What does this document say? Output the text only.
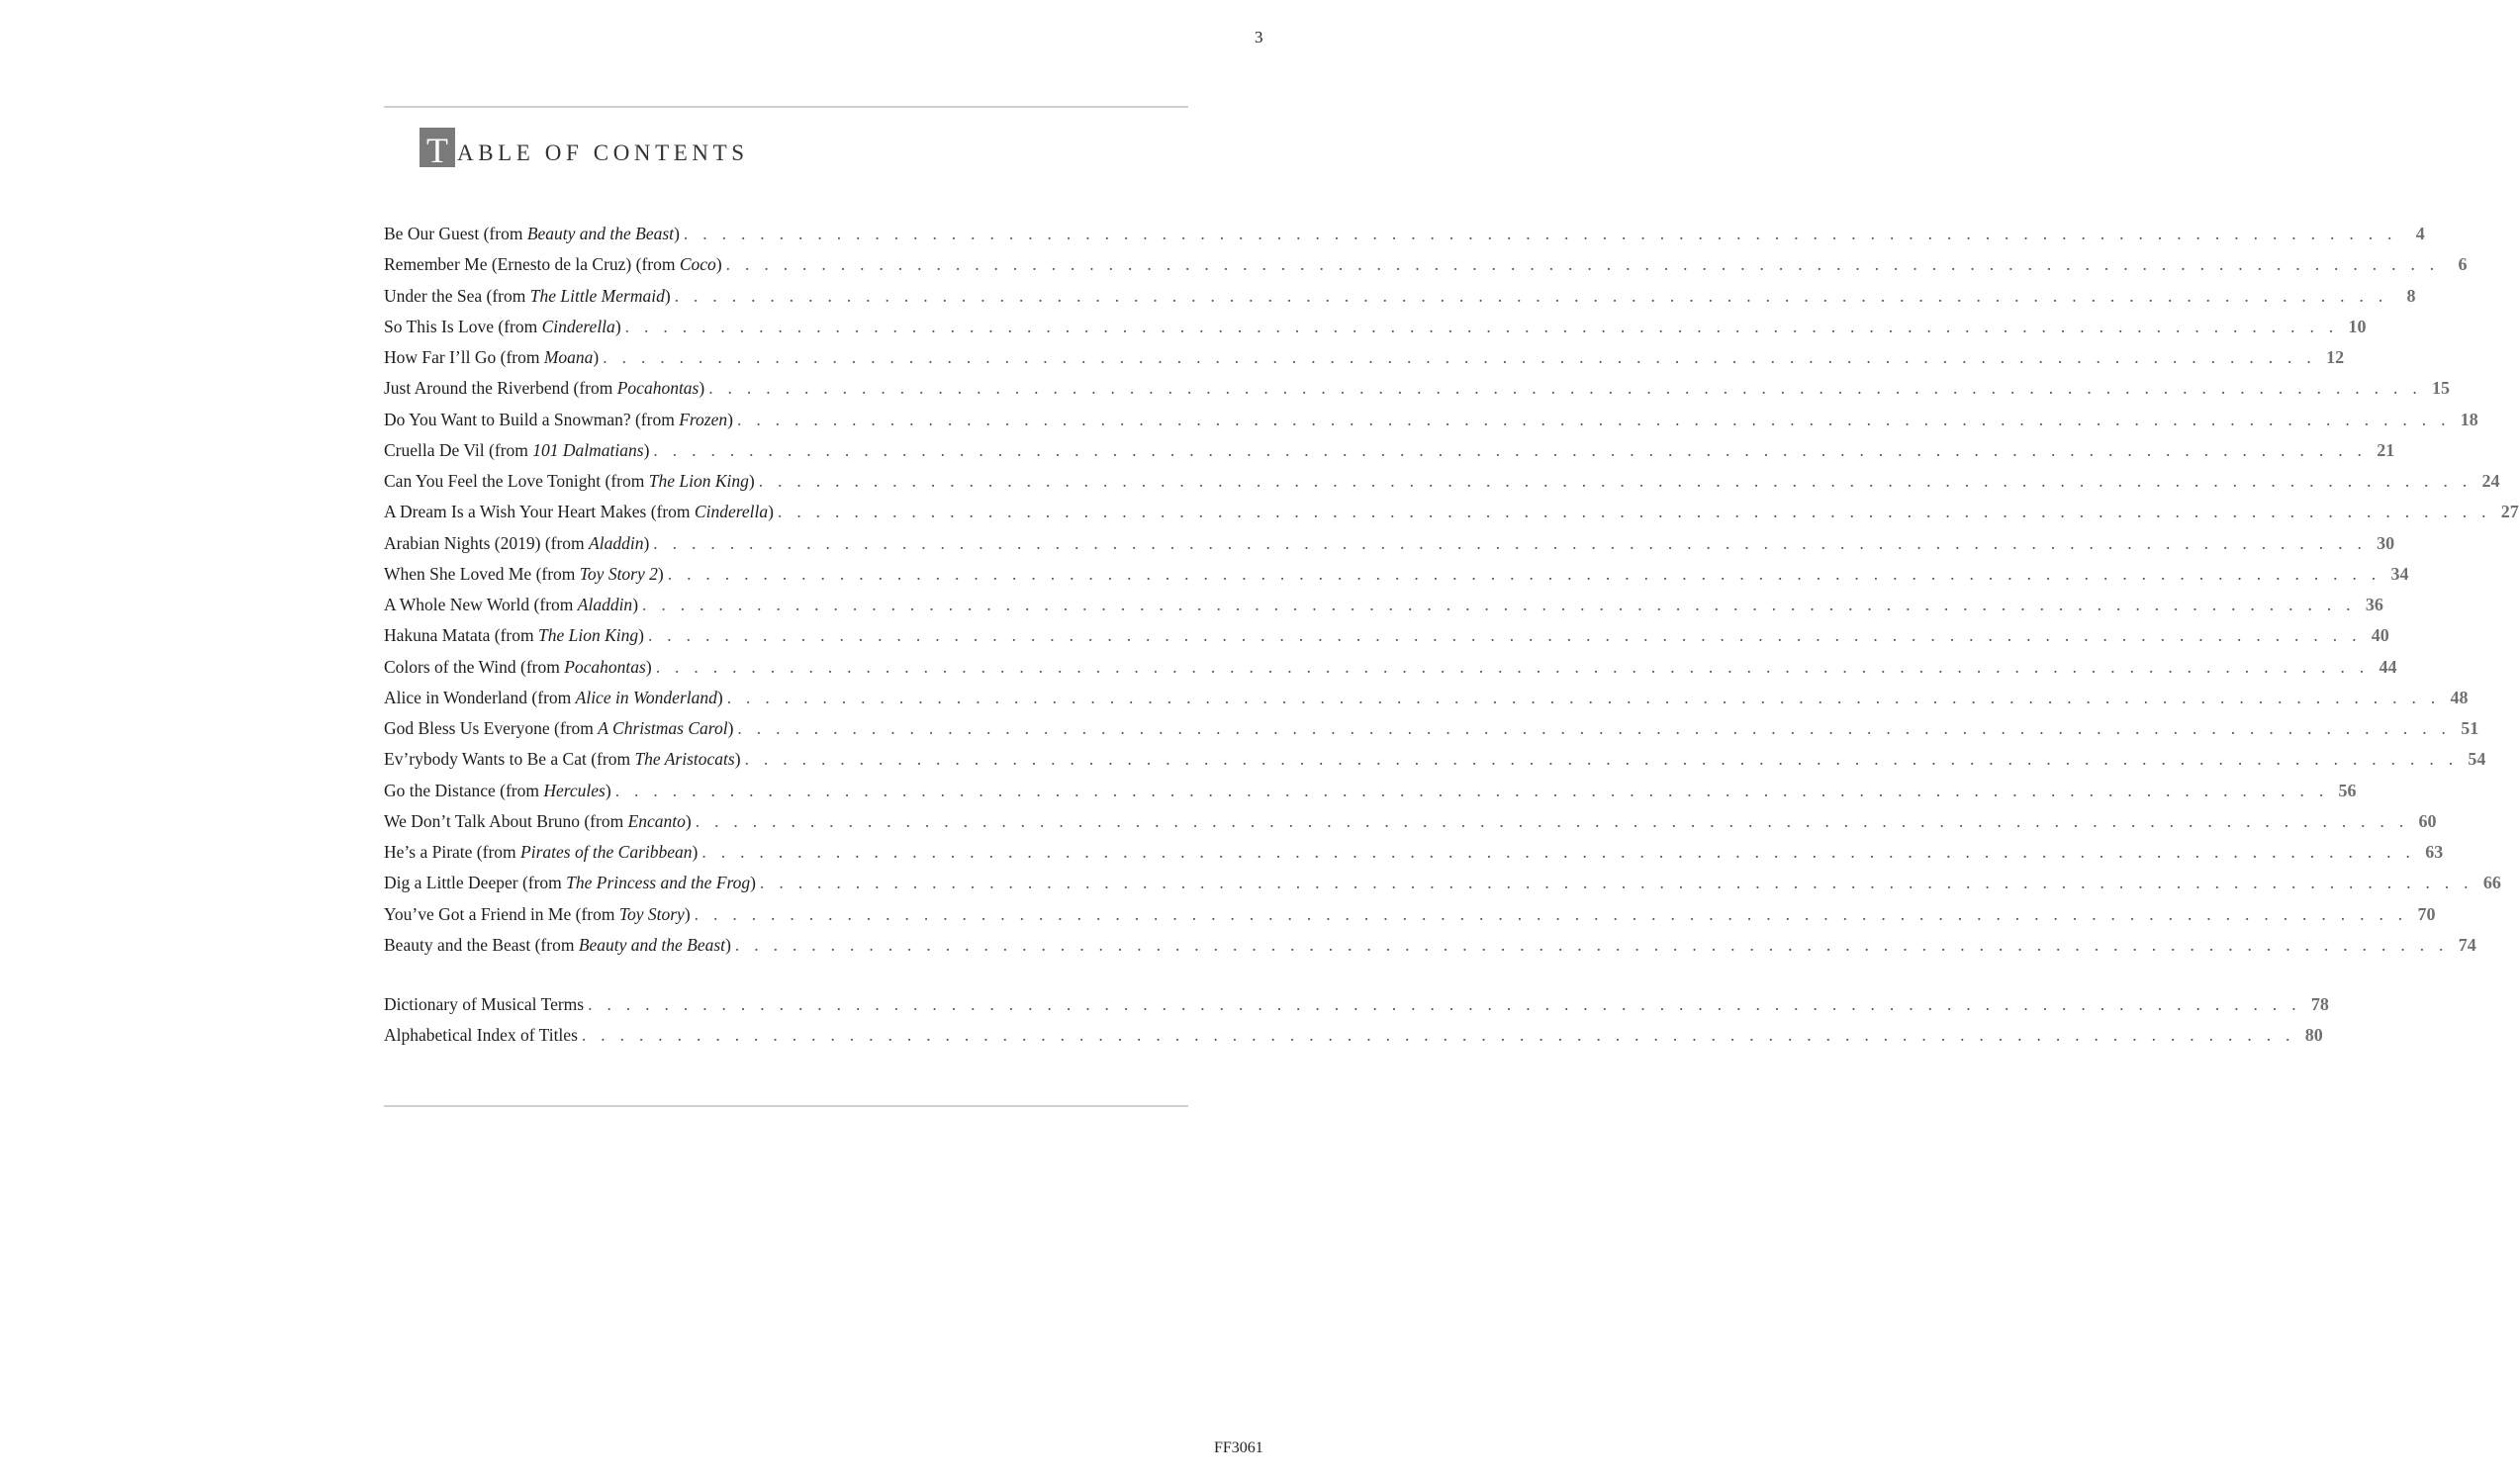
3
T ABLE OF CONTENTS
Be Our Guest (from Beauty and the Beast) . . . . . . . . . . . . . . . . . . . . . . . . . . . . . . . . . . . . . . . . . . . . . . . . . . . . . . . . . . . . . . . . . . . . . . . . . . . . . . . . . . . . . . . . . .	4
Remember Me (Ernesto de la Cruz) (from Coco) . . . . . . . . . . . . . . . . . . . . . . . . . . . . . . . . . . . . . . . . . . . . . . . . . . . . . . . . . . . . . . . . . . . . . . . . . . . . . . . . . . . . . . . . . .	6
Under the Sea (from The Little Mermaid) . . . . . . . . . . . . . . . . . . . . . . . . . . . . . . . . . . . . . . . . . . . . . . . . . . . . . . . . . . . . . . . . . . . . . . . . . . . . . . . . . . . . . . . . . .	8
So This Is Love (from Cinderella) . . . . . . . . . . . . . . . . . . . . . . . . . . . . . . . . . . . . . . . . . . . . . . . . . . . . . . . . . . . . . . . . . . . . . . . . . . . . . . . . . . . . . . . . . . 10
How Far I’ll Go (from Moana) . . . . . . . . . . . . . . . . . . . . . . . . . . . . . . . . . . . . . . . . . . . . . . . . . . . . . . . . . . . . . . . . . . . . . . . . . . . . . . . . . . . . . . . . . . 12
Just Around the Riverbend (from Pocahontas) . . . . . . . . . . . . . . . . . . . . . . . . . . . . . . . . . . . . . . . . . . . . . . . . . . . . . . . . . . . . . . . . . . . . . . . . . . . . . . . . . . . . . . . . . . 15
Do You Want to Build a Snowman? (from Frozen) . . . . . . . . . . . . . . . . . . . . . . . . . . . . . . . . . . . . . . . . . . . . . . . . . . . . . . . . . . . . . . . . . . . . . . . . . . . . . . . . . . . . . . . . . . 18
Cruella De Vil (from 101 Dalmatians) . . . . . . . . . . . . . . . . . . . . . . . . . . . . . . . . . . . . . . . . . . . . . . . . . . . . . . . . . . . . . . . . . . . . . . . . . . . . . . . . . . . . . . . . . . 21
Can You Feel the Love Tonight (from The Lion King) . . . . . . . . . . . . . . . . . . . . . . . . . . . . . . . . . . . . . . . . . . . . . . . . . . . . . . . . . . . . . . . . . . . . . . . . . . . . . . . . . . . . . . . . . . 24
A Dream Is a Wish Your Heart Makes (from Cinderella) . . . . . . . . . . . . . . . . . . . . . . . . . . . . . . . . . . . . . . . . . . . . . . . . . . . . . . . . . . . . . . . . . . . . . . . . . . . . . . . . . . . . . . . . . . 27
Arabian Nights (2019) (from Aladdin) . . . . . . . . . . . . . . . . . . . . . . . . . . . . . . . . . . . . . . . . . . . . . . . . . . . . . . . . . . . . . . . . . . . . . . . . . . . . . . . . . . . . . . . . . . 30
When She Loved Me (from Toy Story 2) . . . . . . . . . . . . . . . . . . . . . . . . . . . . . . . . . . . . . . . . . . . . . . . . . . . . . . . . . . . . . . . . . . . . . . . . . . . . . . . . . . . . . . . . . . 34
A Whole New World (from Aladdin) . . . . . . . . . . . . . . . . . . . . . . . . . . . . . . . . . . . . . . . . . . . . . . . . . . . . . . . . . . . . . . . . . . . . . . . . . . . . . . . . . . . . . . . . . . 36
Hakuna Matata (from The Lion King) . . . . . . . . . . . . . . . . . . . . . . . . . . . . . . . . . . . . . . . . . . . . . . . . . . . . . . . . . . . . . . . . . . . . . . . . . . . . . . . . . . . . . . . . . . 40
Colors of the Wind (from Pocahontas) . . . . . . . . . . . . . . . . . . . . . . . . . . . . . . . . . . . . . . . . . . . . . . . . . . . . . . . . . . . . . . . . . . . . . . . . . . . . . . . . . . . . . . . . . . 44
Alice in Wonderland (from Alice in Wonderland) . . . . . . . . . . . . . . . . . . . . . . . . . . . . . . . . . . . . . . . . . . . . . . . . . . . . . . . . . . . . . . . . . . . . . . . . . . . . . . . . . . . . . . . . . . 48
God Bless Us Everyone (from A Christmas Carol) . . . . . . . . . . . . . . . . . . . . . . . . . . . . . . . . . . . . . . . . . . . . . . . . . . . . . . . . . . . . . . . . . . . . . . . . . . . . . . . . . . . . . . . . . . 51
Ev’rybody Wants to Be a Cat (from The Aristocats) . . . . . . . . . . . . . . . . . . . . . . . . . . . . . . . . . . . . . . . . . . . . . . . . . . . . . . . . . . . . . . . . . . . . . . . . . . . . . . . . . . . . . . . . . . 54
Go the Distance (from Hercules) . . . . . . . . . . . . . . . . . . . . . . . . . . . . . . . . . . . . . . . . . . . . . . . . . . . . . . . . . . . . . . . . . . . . . . . . . . . . . . . . . . . . . . . . . . 56
We Don’t Talk About Bruno (from Encanto) . . . . . . . . . . . . . . . . . . . . . . . . . . . . . . . . . . . . . . . . . . . . . . . . . . . . . . . . . . . . . . . . . . . . . . . . . . . . . . . . . . . . . . . . . . 60
He’s a Pirate (from Pirates of the Caribbean) . . . . . . . . . . . . . . . . . . . . . . . . . . . . . . . . . . . . . . . . . . . . . . . . . . . . . . . . . . . . . . . . . . . . . . . . . . . . . . . . . . . . . . . . . . 63
Dig a Little Deeper (from The Princess and the Frog) . . . . . . . . . . . . . . . . . . . . . . . . . . . . . . . . . . . . . . . . . . . . . . . . . . . . . . . . . . . . . . . . . . . . . . . . . . . . . . . . . . . . . . . . . . 66
You’ve Got a Friend in Me (from Toy Story) . . . . . . . . . . . . . . . . . . . . . . . . . . . . . . . . . . . . . . . . . . . . . . . . . . . . . . . . . . . . . . . . . . . . . . . . . . . . . . . . . . . . . . . . . . 70
Beauty and the Beast (from Beauty and the Beast) . . . . . . . . . . . . . . . . . . . . . . . . . . . . . . . . . . . . . . . . . . . . . . . . . . . . . . . . . . . . . . . . . . . . . . . . . . . . . . . . . . . . . . . . . . 74
Dictionary of Musical Terms . . . . . . . . . . . . . . . . . . . . . . . . . . . . . . . . . . . . . . . . . . . . . . . . . . . . . . . . . . . . . . . . . . . . . . . . . . . . . . . . . . . . . . . . . . 78
Alphabetical Index of Titles . . . . . . . . . . . . . . . . . . . . . . . . . . . . . . . . . . . . . . . . . . . . . . . . . . . . . . . . . . . . . . . . . . . . . . . . . . . . . . . . . . . . . . . . . . 80
FF3061
